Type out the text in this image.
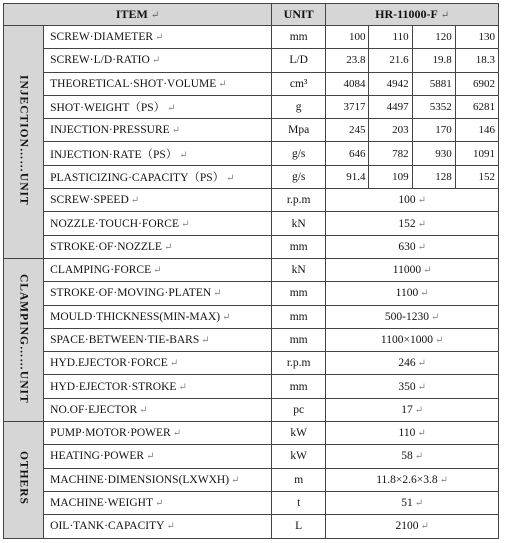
ITEM ↵		UNIT	HR-11000-F ↵			
INJECTION……UNIT	SCREW·DIAMETER ↵	mm	100	110	120	130
	SCREW·L/D·RATIO ↵	L/D	23.8	21.6	19.8	18.3
	THEORETICAL·SHOT·VOLUME ↵	cm³	4084	4942	5881	6902
	SHOT·WEIGHT（PS） ↵	g	3717	4497	5352	6281
	INJECTION·PRESSURE ↵	Mpa	245	203	170	146
	INJECTION·RATE（PS） ↵	g/s	646	782	930	1091
	PLASTICIZING·CAPACITY（PS） ↵	g/s	91.4	109	128	152
	SCREW·SPEED ↵	r.p.m	100 ↵			
	NOZZLE·TOUCH·FORCE ↵	kN	152 ↵			
	STROKE·OF·NOZZLE ↵	mm	630 ↵			
CLAMPING……UNIT	CLAMPING·FORCE ↵	kN	11000 ↵			
	STROKE·OF·MOVING·PLATEN ↵	mm	1100 ↵			
	MOULD·THICKNESS(MIN-MAX) ↵	mm	500-1230 ↵			
	SPACE·BETWEEN·TIE-BARS ↵	mm	1100×1000 ↵			
	HYD.EJECTOR·FORCE ↵	r.p.m	246 ↵			
	HYD·EJECTOR·STROKE ↵	mm	350 ↵			
	NO.OF·EJECTOR ↵	pc	17 ↵			
OTHERS	PUMP·MOTOR·POWER ↵	kW	110 ↵			
	HEATING·POWER ↵	kW	58 ↵			
	MACHINE·DIMENSIONS(LXWXH) ↵	m	11.8×2.6×3.8 ↵			
	MACHINE·WEIGHT ↵	t	51 ↵			
	OIL·TANK·CAPACITY ↵	L	2100 ↵			
